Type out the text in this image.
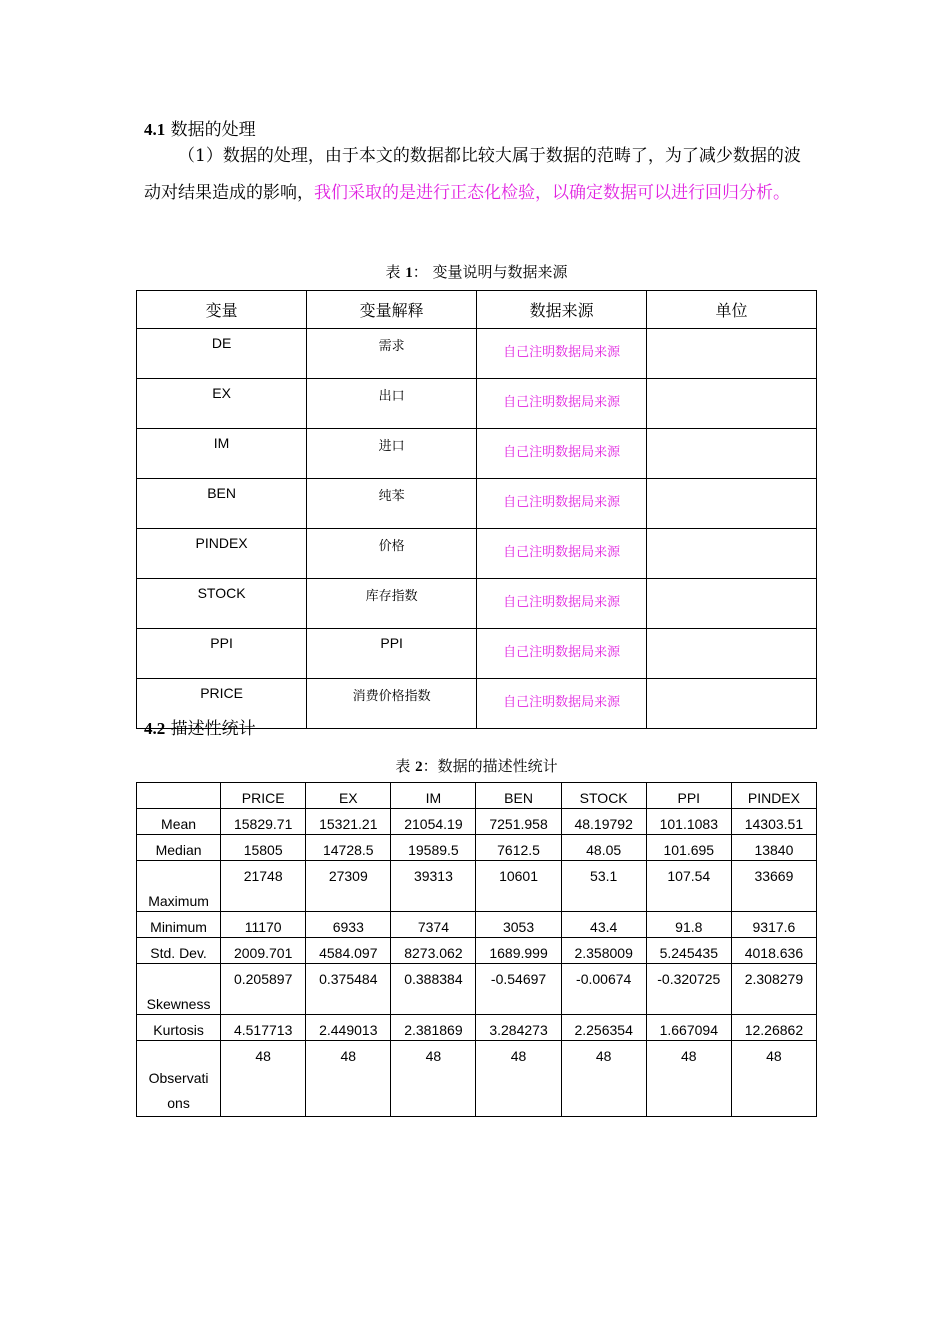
4.1 数据的处理
（1）数据的处理，由于本文的数据都比较大属于数据的范畴了，为了减少数据的波动对结果造成的影响，我们采取的是进行正态化检验，以确定数据可以进行回归分析。
表 1： 变量说明与数据来源
变量	变量解释	数据来源	单位
DE	需求	自己注明数据局来源	
EX	出口	自己注明数据局来源	
IM	进口	自己注明数据局来源	
BEN	纯苯	自己注明数据局来源	
PINDEX	价格	自己注明数据局来源	
STOCK	库存指数	自己注明数据局来源	
PPI	PPI	自己注明数据局来源	
PRICE	消费价格指数	自己注明数据局来源	
4.2 描述性统计
表 2：数据的描述性统计
	PRICE	EX	IM	BEN	STOCK	PPI	PINDEX
Mean	15829.71	15321.21	21054.19	7251.958	48.19792	101.1083	14303.51
Median	15805	14728.5	19589.5	7612.5	48.05	101.695	13840
Maximum	21748	27309	39313	10601	53.1	107.54	33669
Minimum	11170	6933	7374	3053	43.4	91.8	9317.6
Std. Dev.	2009.701	4584.097	8273.062	1689.999	2.358009	5.245435	4018.636
Skewness	0.205897	0.375484	0.388384	-0.54697	-0.00674	-0.320725	2.308279
Kurtosis	4.517713	2.449013	2.381869	3.284273	2.256354	1.667094	12.26862
Observati
ons	48	48	48	48	48	48	48
